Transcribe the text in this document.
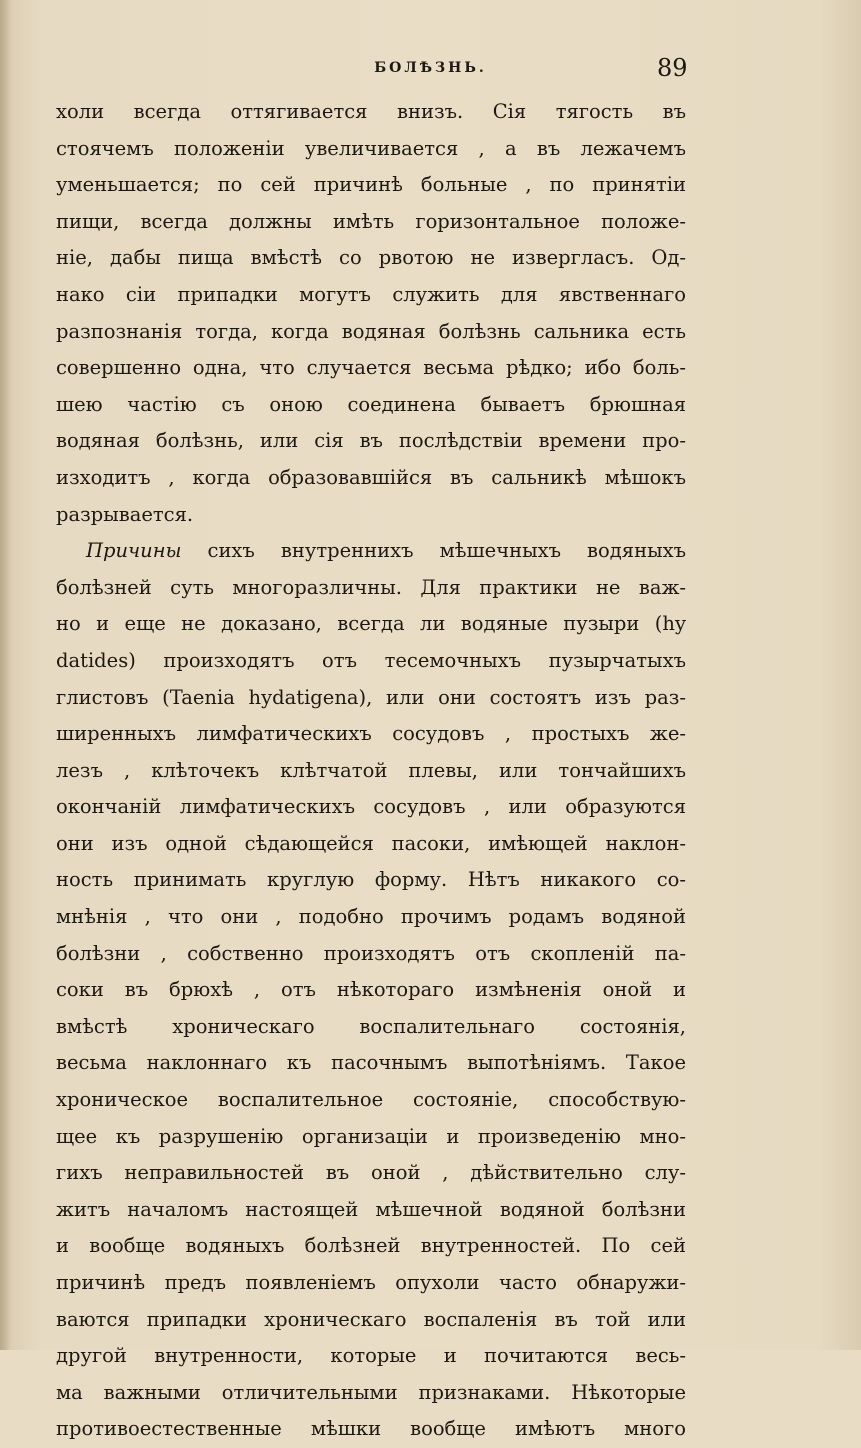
БОЛѢЗНЬ.	89
холи всегда оттягивается внизъ. Сія тягость въ
стоячемъ положеніи увеличивается , а въ лежачемъ
уменьшается; по сей причинѣ больные , по принятіи
пищи, всегда должны имѣть горизонтальное положе-
ніе, дабы пища вмѣстѣ со рвотою не извергласъ. Од-
нако сіи припадки могутъ служить для явственнаго
разпознанія тогда, когда водяная болѣзнь сальника есть
совершенно одна, что случается весьма рѣдко; ибо боль-
шею частію съ оною соединена бываетъ брюшная
водяная болѣзнь, или сія въ послѣдствіи времени про-
изходитъ , когда образовавшійся въ сальникѣ мѣшокъ
разрывается.
Причины сихъ внутреннихъ мѣшечныхъ водяныхъ
болѣзней суть многоразличны. Для практики не важ-
но и еще не доказано, всегда ли водяные пузыри (hy
datides) произходятъ отъ тесемочныхъ пузырчатыхъ
глистовъ (Taenia hydatigena), или они состоятъ изъ раз-
ширенныхъ лимфатическихъ сосудовъ , простыхъ же-
лезъ , клѣточекъ клѣтчатой плевы, или тончайшихъ
окончаній лимфатическихъ сосудовъ , или образуются
они изъ одной сѣдающейся пасоки, имѣющей наклон-
ность принимать круглую форму. Нѣтъ никакого со-
мнѣнія , что они , подобно прочимъ родамъ водяной
болѣзни , собственно произходятъ отъ скопленій па-
соки въ брюхѣ , отъ нѣкотораго измѣненія оной и
вмѣстѣ хроническаго воспалительнаго состоянія,
весьма наклоннаго къ пасочнымъ выпотѣніямъ. Такое
хроническое воспалительное состояніе, способствую-
щее къ разрушенію организаціи и произведенію мно-
гихъ неправильностей въ оной , дѣйствительно слу-
житъ началомъ настоящей мѣшечной водяной болѣзни
и вообще водяныхъ болѣзней внутренностей. По сей
причинѣ предъ появленіемъ опухоли часто обнаружи-
ваются припадки хроническаго воспаленія въ той или
другой внутренности, которые и почитаются весь-
ма важными отличительными признаками. Нѣкоторые
противоестественные мѣшки вообще имѣютъ много
